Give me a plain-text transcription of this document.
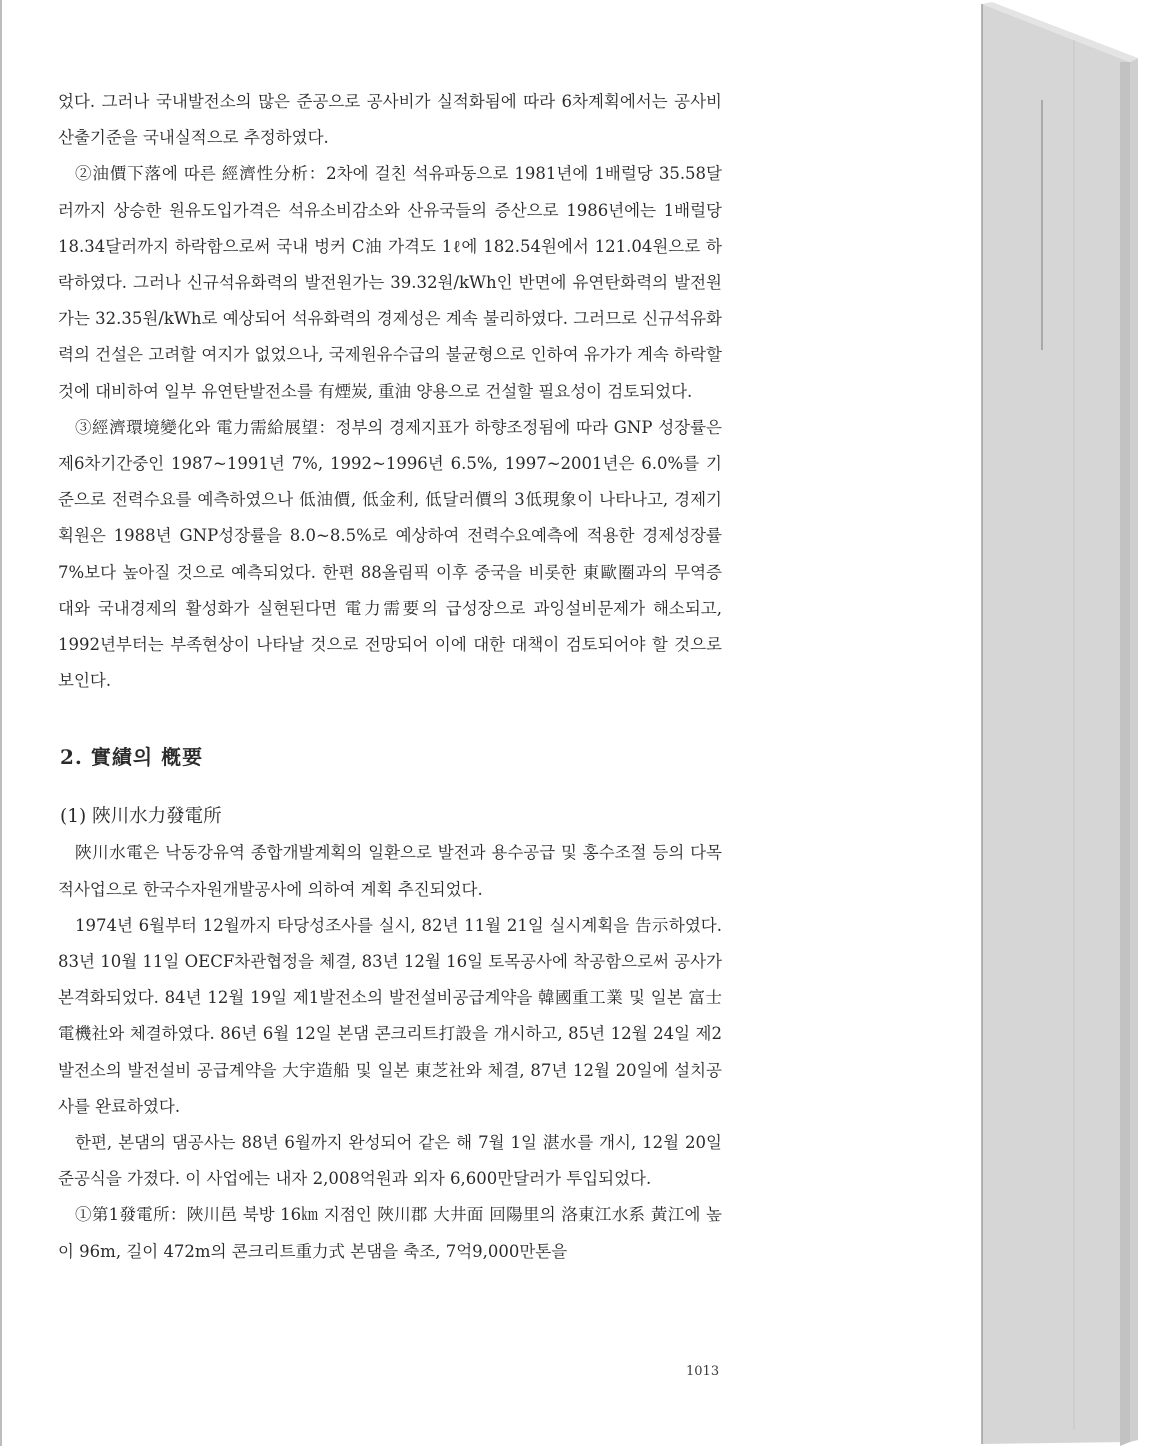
었다. 그러나 국내발전소의 많은 준공으로 공사비가 실적화됨에 따라 6차계획에서는 공사비 산출기준을 국내실적으로 추정하였다.

②油價下落에 따른 經濟性分析：2차에 걸친 석유파동으로 1981년에 1배럴당 35.58달러까지 상승한 원유도입가격은 석유소비감소와 산유국들의 증산으로 1986년에는 1배럴당 18.34달러까지 하락함으로써 국내 벙커 C油 가격도 1ℓ에 182.54원에서 121.04원으로 하락하였다. 그러나 신규석유화력의 발전원가는 39.32원/kWh인 반면에 유연탄화력의 발전원가는 32.35원/kWh로 예상되어 석유화력의 경제성은 계속 불리하였다. 그러므로 신규석유화력의 건설은 고려할 여지가 없었으나, 국제원유수급의 불균형으로 인하여 유가가 계속 하락할 것에 대비하여 일부 유연탄발전소를 有煙炭, 重油 양용으로 건설할 필요성이 검토되었다.

③經濟環境變化와 電力需給展望：정부의 경제지표가 하향조정됨에 따라 GNP 성장률은 제6차기간중인 1987~1991년 7%, 1992~1996년 6.5%, 1997~2001년은 6.0%를 기준으로 전력수요를 예측하였으나 低油價, 低金利, 低달러價의 3低現象이 나타나고, 경제기획원은 1988년 GNP성장률을 8.0~8.5%로 예상하여 전력수요예측에 적용한 경제성장률 7%보다 높아질 것으로 예측되었다. 한편 88올림픽 이후 중국을 비롯한 東歐圈과의 무역증대와 국내경제의 활성화가 실현된다면 電力需要의 급성장으로 과잉설비문제가 해소되고, 1992년부터는 부족현상이 나타날 것으로 전망되어 이에 대한 대책이 검토되어야 할 것으로 보인다.

2. 實績의 槪要
(1) 陜川水力發電所

陜川水電은 낙동강유역 종합개발계획의 일환으로 발전과 용수공급 및 홍수조절 등의 다목적사업으로 한국수자원개발공사에 의하여 계획 추진되었다.

1974년 6월부터 12월까지 타당성조사를 실시, 82년 11월 21일 실시계획을 告示하였다. 83년 10월 11일 OECF차관협정을 체결, 83년 12월 16일 토목공사에 착공함으로써 공사가 본격화되었다. 84년 12월 19일 제1발전소의 발전설비공급계약을 韓國重工業 및 일본 富士電機社와 체결하였다. 86년 6월 12일 본댐 콘크리트打設을 개시하고, 85년 12월 24일 제2발전소의 발전설비 공급계약을 大宇造船 및 일본 東芝社와 체결, 87년 12월 20일에 설치공사를 완료하였다.

한편, 본댐의 댐공사는 88년 6월까지 완성되어 같은 해 7월 1일 湛水를 개시, 12월 20일 준공식을 가졌다. 이 사업에는 내자 2,008억원과 외자 6,600만달러가 투입되었다.

①第1發電所：陜川邑 북방 16㎞ 지점인 陜川郡 大井面 回陽里의 洛東江水系 黃江에 높이 96m, 길이 472m의 콘크리트重力式 본댐을 축조, 7억9,000만톤을

1013
